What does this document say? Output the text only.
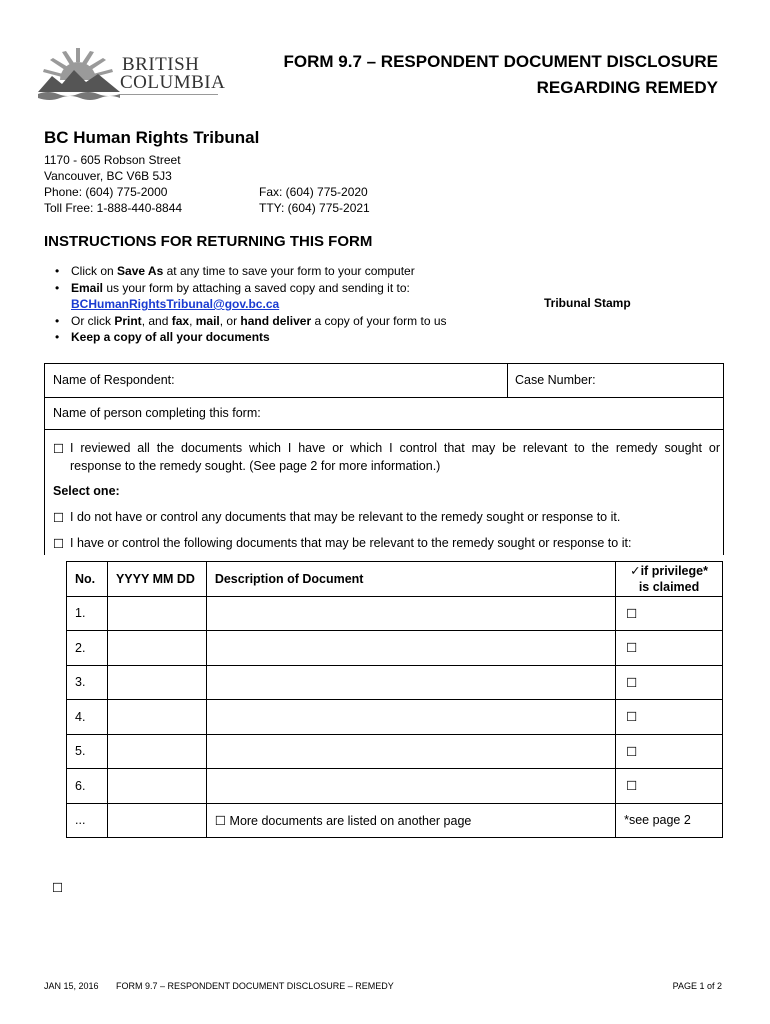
BRITISH
COLUMBIA
FORM 9.7 – RESPONDENT DOCUMENT DISCLOSURE
REGARDING REMEDY
BC Human Rights Tribunal
1170 - 605 Robson Street
Vancouver, BC V6B 5J3
Phone: (604) 775-2000
Toll Free: 1-888-440-8844
Fax: (604) 775-2020
TTY: (604) 775-2021
INSTRUCTIONS FOR RETURNING THIS FORM
• Click on Save As at any time to save your form to your computer
• Email us your form by attaching a saved copy and sending it to:
BCHumanRightsTribunal@gov.bc.ca
• Or click Print, and fax, mail, or hand deliver a copy of your form to us
• Keep a copy of all your documents
Tribunal Stamp
Name of Respondent:	Case Number:
Name of person completing this form:
☐ I reviewed all the documents which I have or which I control that may be relevant to the remedy sought or
response to the remedy sought. (See page 2 for more information.)
Select one:
☐ I do not have or control any documents that may be relevant to the remedy sought or response to it.
☐ I have or control the following documents that may be relevant to the remedy sought or response to it:
No.	YYYY MM DD	Description of Document	✓if privilege*
is claimed

1.			☐
2.			☐
3.			☐
4.			☐
5.			☐
6.			☐
...		☐ More documents are listed on another page	*see page 2
☐
JAN 15, 2016 FORM 9.7 – RESPONDENT DOCUMENT DISCLOSURE – REMEDY	PAGE 1 of 2
